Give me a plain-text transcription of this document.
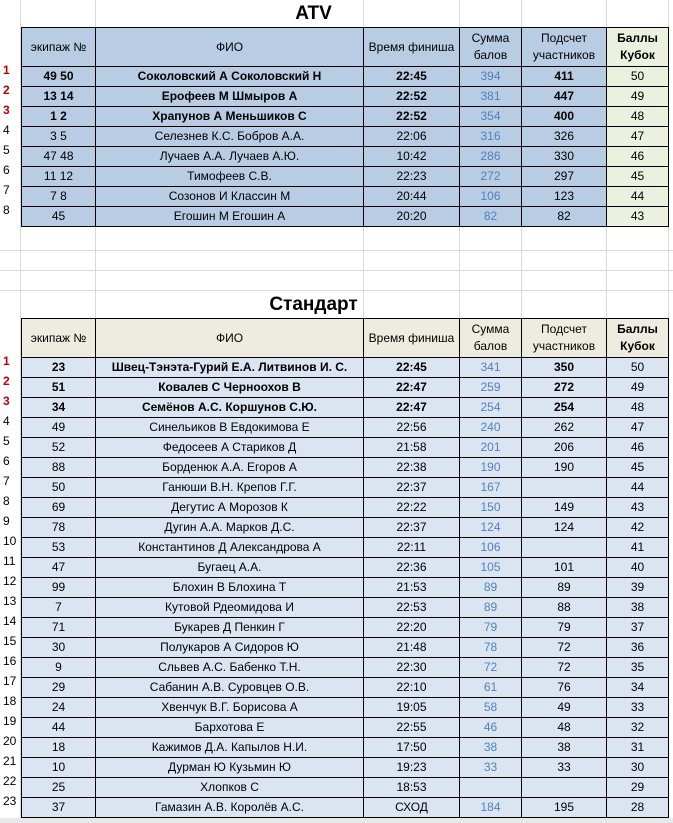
ATV
экипаж №	ФИО	Время финиша	Сумма балов	Подсчет участников	Баллы Кубок
49 50	Соколовский А Соколовский Н	22:45	394	411	50
13 14	Ерофеев М Шмыров А	22:52	381	447	49
1 2	Храпунов А Меньшиков С	22:52	354	400	48
3 5	Селезнев К.С. Бобров А.А.	22:06	316	326	47
47 48	Лучаев А.А. Лучаев А.Ю.	10:42	286	330	46
11 12	Тимофеев С.В.	22:23	272	297	45
7 8	Созонов И Классин М	20:44	106	123	44
45	Егошин М Егошин А	20:20	82	82	43
Стандарт
экипаж №	ФИО	Время финиша	Сумма балов	Подсчет участников	Баллы Кубок
23	Швец-Тэнэта-Гурий Е.А. Литвинов И. С.	22:45	341	350	50
51	Ковалев С Черноохов В	22:47	259	272	49
34	Семёнов А.С. Коршунов С.Ю.	22:47	254	254	48
49	Синельиков В Евдокимова Е	22:56	240	262	47
52	Федосеев А Стариков Д	21:58	201	206	46
88	Борденюк А.А. Егоров А	22:38	190	190	45
50	Ганюши В.Н. Крепов Г.Г.	22:37	167		44
69	Дегутис А Морозов К	22:22	150	149	43
78	Дугин А.А. Марков Д.С.	22:37	124	124	42
53	Константинов Д Александрова А	22:11	106		41
47	Бугаец А.А.	22:36	105	101	40
99	Блохин В Блохина Т	21:53	89	89	39
7	Кутовой Рдеомидова И	22:53	89	88	38
71	Букарев Д Пенкин Г	22:20	79	79	37
30	Полукаров А Сидоров Ю	21:48	78	72	36
9	Сльвев А.С. Бабенко Т.Н.	22:30	72	72	35
29	Сабанин А.В. Суровцев О.В.	22:10	61	76	34
24	Хвенчук В.Г. Борисова А	19:05	58	49	33
44	Бархотова Е	22:55	46	48	32
18	Кажимов Д.А. Капылов Н.И.	17:50	38	38	31
10	Дурман Ю Кузьмин Ю	19:23	33	33	30
25	Хлопков С	18:53			29
37	Гамазин А.В. Королёв А.С.	СХОД	184	195	28
1
2
3
4
5
6
7
8
1
2
3
4
5
6
7
8
9
10
11
12
13
14
15
16
17
18
19
20
21
22
23
